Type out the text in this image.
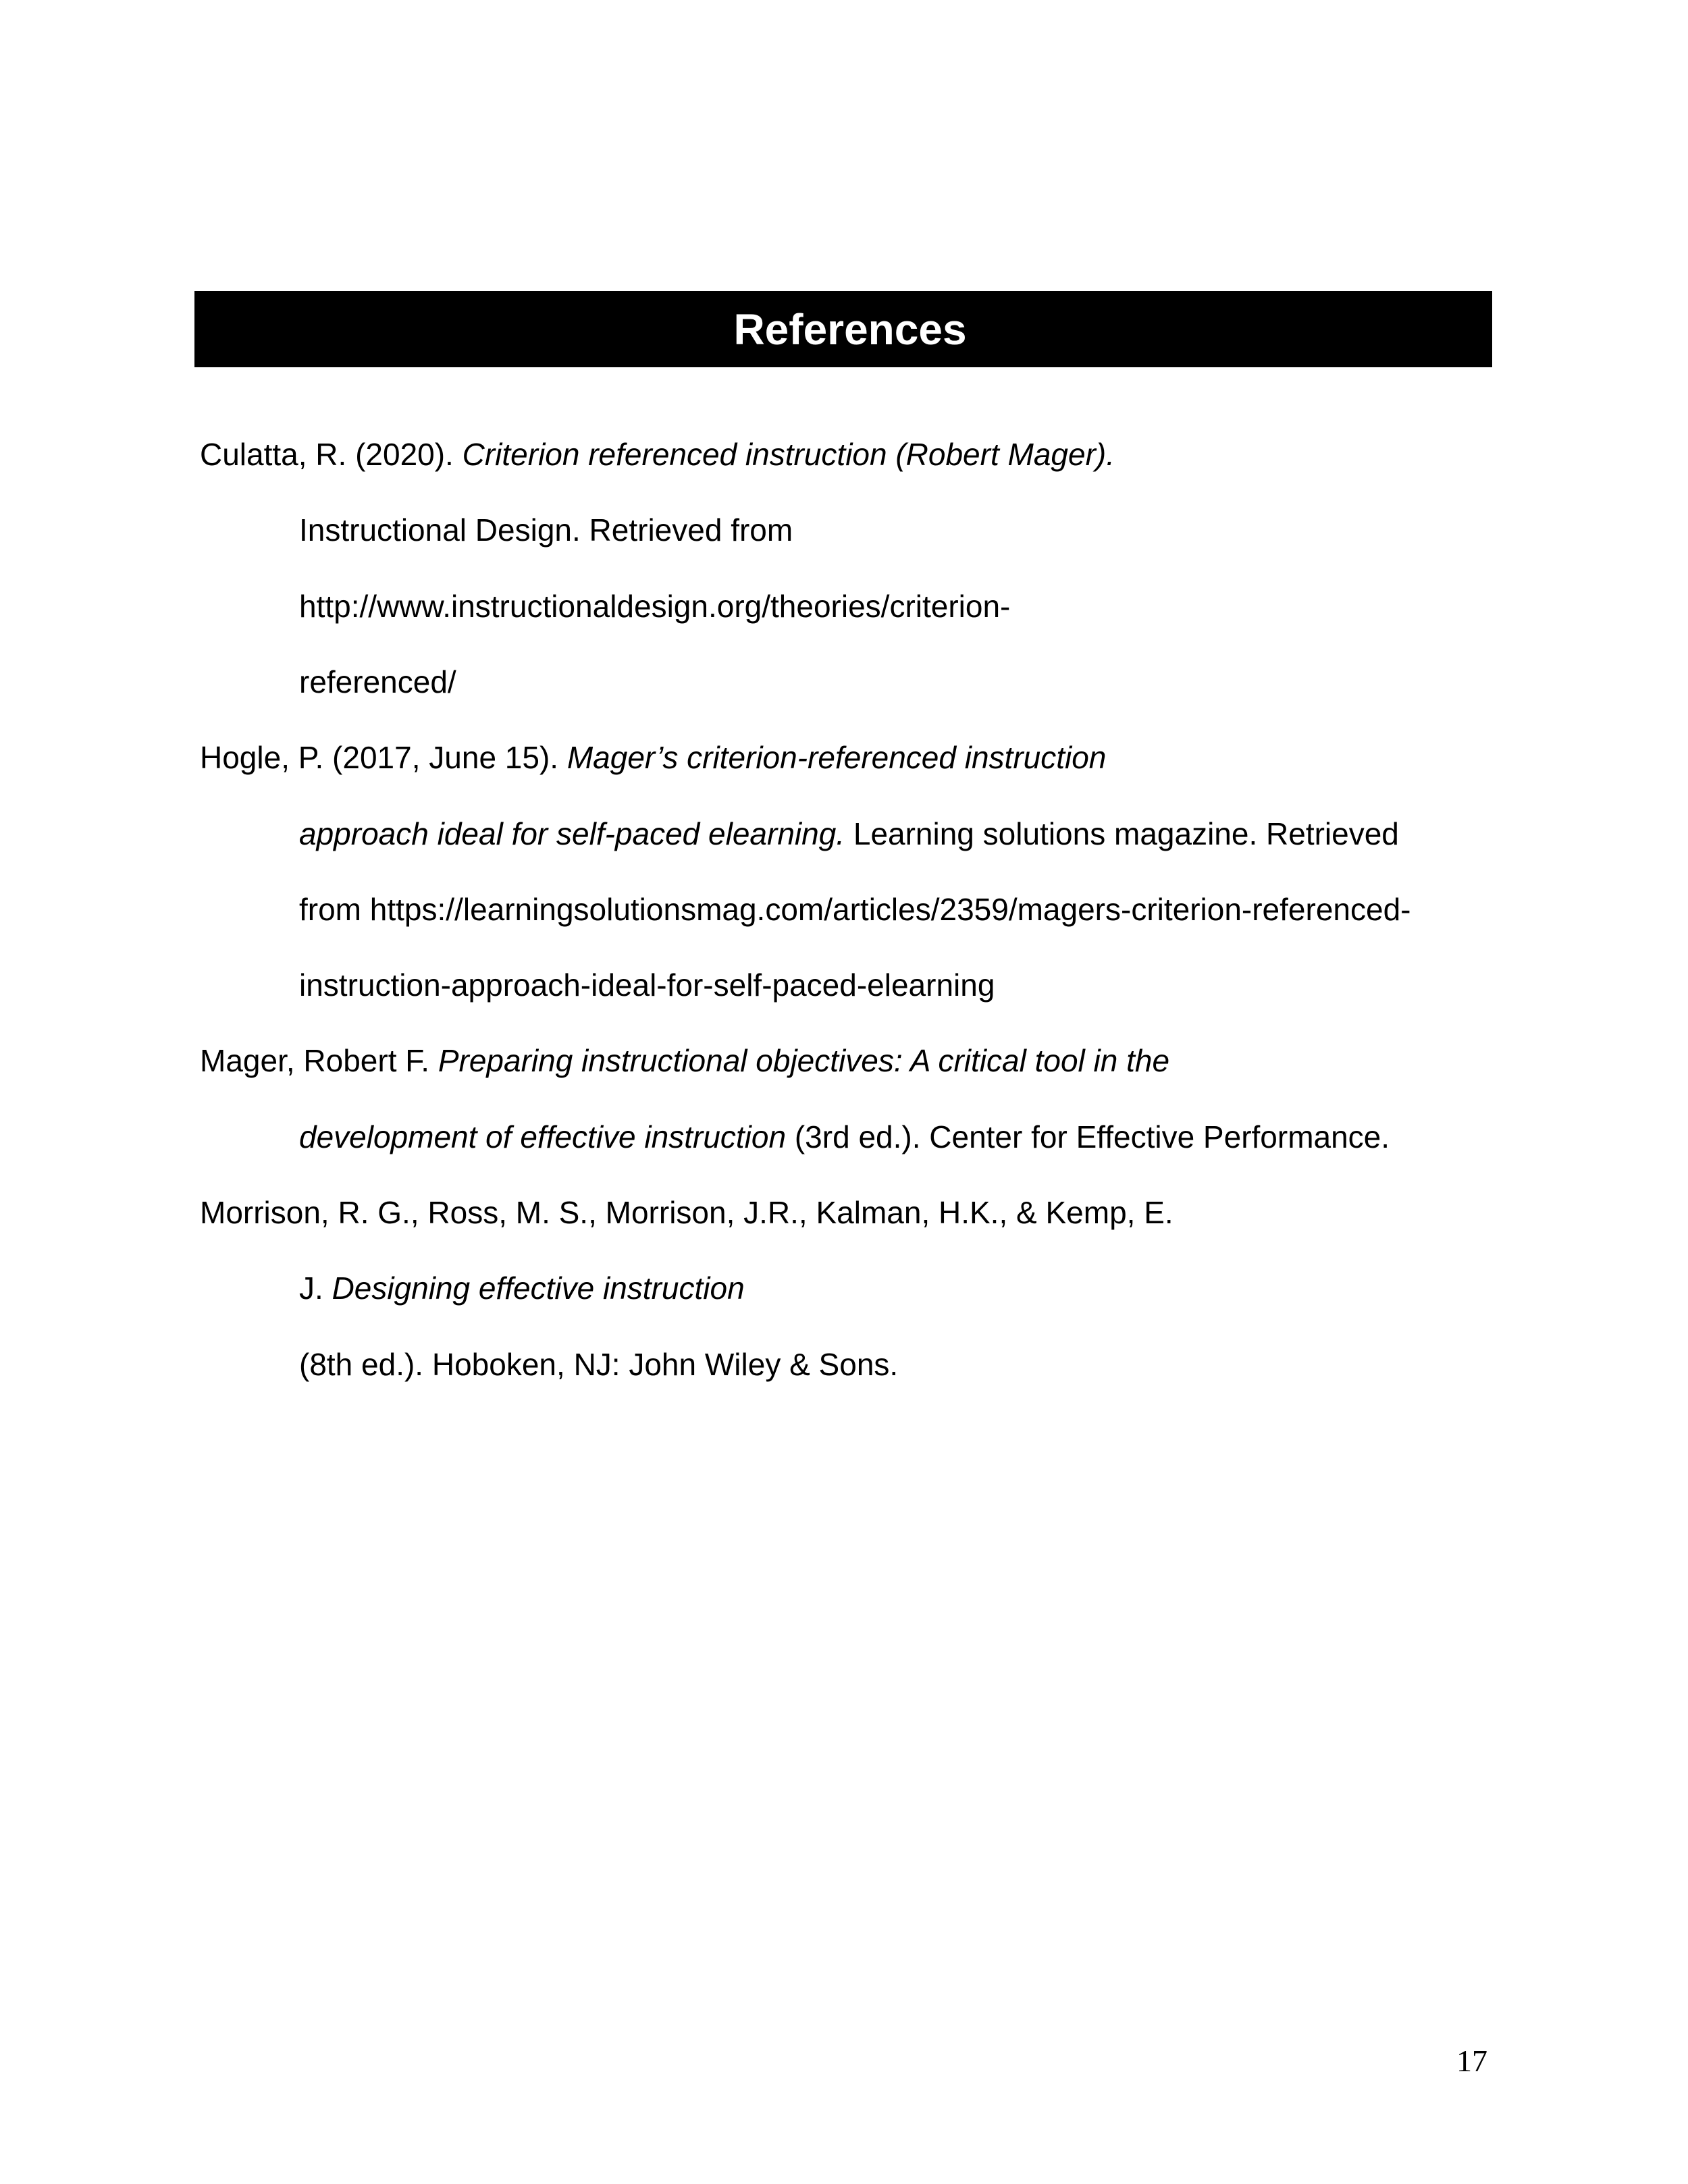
References
Culatta, R. (2020). Criterion referenced instruction (Robert Mager).
Instructional Design. Retrieved from
http://www.instructionaldesign.org/theories/criterion-
referenced/
Hogle, P. (2017, June 15). Mager’s criterion-referenced instruction
approach ideal for self-paced elearning. Learning solutions magazine. Retrieved
from https://learningsolutionsmag.com/articles/2359/magers-criterion-referenced-
instruction-approach-ideal-for-self-paced-elearning
Mager, Robert F. Preparing instructional objectives: A critical tool in the
development of effective instruction (3rd ed.). Center for Effective Performance.
Morrison, R. G., Ross, M. S., Morrison, J.R., Kalman, H.K., & Kemp, E.
J. Designing effective instruction
(8th ed.). Hoboken, NJ: John Wiley & Sons.
17
